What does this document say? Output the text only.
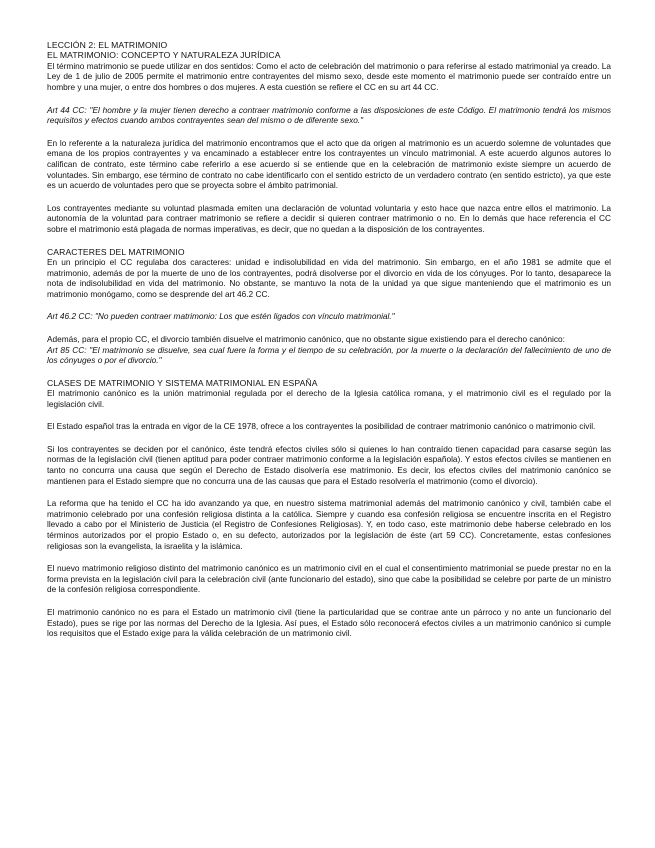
LECCIÓN 2: EL MATRIMONIO
EL MATRIMONIO: CONCEPTO Y NATURALEZA JURÍDICA

El término matrimonio se puede utilizar en dos sentidos: Como el acto de celebración del matrimonio o para referirse al estado matrimonial ya creado. La Ley de 1 de julio de 2005 permite el matrimonio entre contrayentes del mismo sexo, desde este momento el matrimonio puede ser contraído entre un hombre y una mujer, o entre dos hombres o dos mujeres. A esta cuestión se refiere el CC en su art 44 CC.

Art 44 CC: "El hombre y la mujer tienen derecho a contraer matrimonio conforme a las disposiciones de este Código. El matrimonio tendrá los mismos requisitos y efectos cuando ambos contrayentes sean del mismo o de diferente sexo."

En lo referente a la naturaleza jurídica del matrimonio encontramos que el acto que da origen al matrimonio es un acuerdo solemne de voluntades que emana de los propios contrayentes y va encaminado a establecer entre los contrayentes un vínculo matrimonial. A este acuerdo algunos autores lo califican de contrato, este término cabe referirlo a ese acuerdo si se entiende que en la celebración de matrimonio existe siempre un acuerdo de voluntades. Sin embargo, ese término de contrato no cabe identificarlo con el sentido estricto de un verdadero contrato (en sentido estricto), ya que este es un acuerdo de voluntades pero que se proyecta sobre el ámbito patrimonial.

Los contrayentes mediante su voluntad plasmada emiten una declaración de voluntad voluntaria y esto hace que nazca entre ellos el matrimonio. La autonomía de la voluntad para contraer matrimonio se refiere a decidir si quieren contraer matrimonio o no. En lo demás que hace referencia el CC sobre el matrimonio está plagada de normas imperativas, es decir, que no quedan a la disposición de los contrayentes.

CARACTERES DEL MATRIMONIO

En un principio el CC regulaba dos caracteres: unidad e indisolubilidad en vida del matrimonio. Sin embargo, en el año 1981 se admite que el matrimonio, además de por la muerte de uno de los contrayentes, podrá disolverse por el divorcio en vida de los cónyuges. Por lo tanto, desaparece la nota de indisolubilidad en vida del matrimonio. No obstante, se mantuvo la nota de la unidad ya que sigue manteniendo que el matrimonio es un matrimonio monógamo, como se desprende del art 46.2 CC.

Art 46.2 CC: "No pueden contraer matrimonio: Los que estén ligados con vínculo matrimonial."

Además, para el propio CC, el divorcio también disuelve el matrimonio canónico, que no obstante sigue existiendo para el derecho canónico:

Art 85 CC: "El matrimonio se disuelve, sea cual fuere la forma y el tiempo de su celebración, por la muerte o la declaración del fallecimiento de uno de los cónyuges o por el divorcio."

CLASES DE MATRIMONIO Y SISTEMA MATRIMONIAL EN ESPAÑA

El matrimonio canónico es la unión matrimonial regulada por el derecho de la Iglesia católica romana, y el matrimonio civil es el regulado por la legislación civil.

El Estado español tras la entrada en vigor de la CE 1978, ofrece a los contrayentes la posibilidad de contraer matrimonio canónico o matrimonio civil.

Si los contrayentes se deciden por el canónico, éste tendrá efectos civiles sólo si quienes lo han contraído tienen capacidad para casarse según las normas de la legislación civil (tienen aptitud para poder contraer matrimonio conforme a la legislación española). Y estos efectos civiles se mantienen en tanto no concurra una causa que según el Derecho de Estado disolvería ese matrimonio. Es decir, los efectos civiles del matrimonio canónico se mantienen para el Estado siempre que no concurra una de las causas que para el Estado resolvería el matrimonio (como el divorcio).

La reforma que ha tenido el CC ha ido avanzando ya que, en nuestro sistema matrimonial además del matrimonio canónico y civil, también cabe el matrimonio celebrado por una confesión religiosa distinta a la católica. Siempre y cuando esa confesión religiosa se encuentre inscrita en el Registro llevado a cabo por el Ministerio de Justicia (el Registro de Confesiones Religiosas). Y, en todo caso, este matrimonio debe haberse celebrado en los términos autorizados por el propio Estado o, en su defecto, autorizados por la legislación de éste (art 59 CC). Concretamente, estas confesiones religiosas son la evangelista, la israelita y la islámica.

El nuevo matrimonio religioso distinto del matrimonio canónico es un matrimonio civil en el cual el consentimiento matrimonial se puede prestar no en la forma prevista en la legislación civil para la celebración civil (ante funcionario del estado), sino que cabe la posibilidad se celebre por parte de un ministro de la confesión religiosa correspondiente.

El matrimonio canónico no es para el Estado un matrimonio civil (tiene la particularidad que se contrae ante un párroco y no ante un funcionario del Estado), pues se rige por las normas del Derecho de la Iglesia. Así pues, el Estado sólo reconocerá efectos civiles a un matrimonio canónico si cumple los requisitos que el Estado exige para la válida celebración de un matrimonio civil.
